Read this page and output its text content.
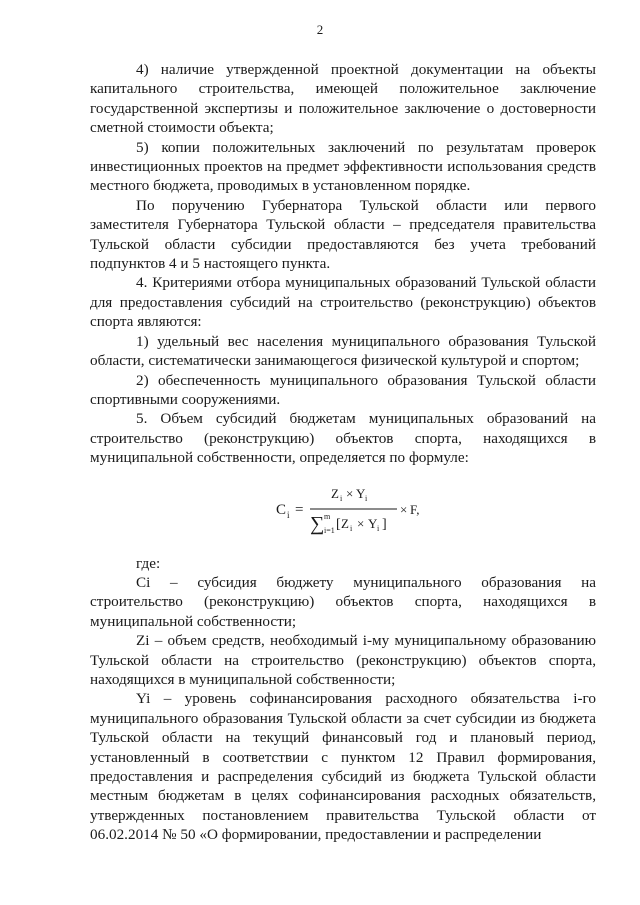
2

4) наличие утвержденной проектной документации на объекты капитального строительства, имеющей положительное заключение государственной экспертизы и положительное заключение о достоверности сметной стоимости объекта;

5) копии положительных заключений по результатам проверок инвестиционных проектов на предмет эффективности использования средств местного бюджета, проводимых в установленном порядке.

По поручению Губернатора Тульской области или первого заместителя Губернатора Тульской области – председателя правительства Тульской области субсидии предоставляются без учета требований подпунктов 4 и 5 настоящего пункта.

4. Критериями отбора муниципальных образований Тульской области для предоставления субсидий на строительство (реконструкцию) объектов спорта являются:

1) удельный вес населения муниципального образования Тульской области, систематически занимающегося физической культурой и спортом;

2) обеспеченность муниципального образования Тульской области спортивными сооружениями.

5. Объем субсидий бюджетам муниципальных образований на строительство (реконструкцию) объектов спорта, находящихся в муниципальной собственности, определяется по формуле:

C i =
Z i × Y i
∑ m
i=1 [ Z i × Y i ]
× F,

где:

Ci – субсидия бюджету муниципального образования на строительство (реконструкцию) объектов спорта, находящихся в муниципальной собственности;

Zi – объем средств, необходимый i-му муниципальному образованию Тульской области на строительство (реконструкцию) объектов спорта, находящихся в муниципальной собственности;

Yi – уровень софинансирования расходного обязательства i-го муниципального образования Тульской области за счет субсидии из бюджета Тульской области на текущий финансовый год и плановый период, установленный в соответствии с пунктом 12 Правил формирования, предоставления и распределения субсидий из бюджета Тульской области местным бюджетам в целях софинансирования расходных обязательств, утвержденных постановлением правительства Тульской области от 06.02.2014 № 50 «О формировании, предоставлении и распределении
